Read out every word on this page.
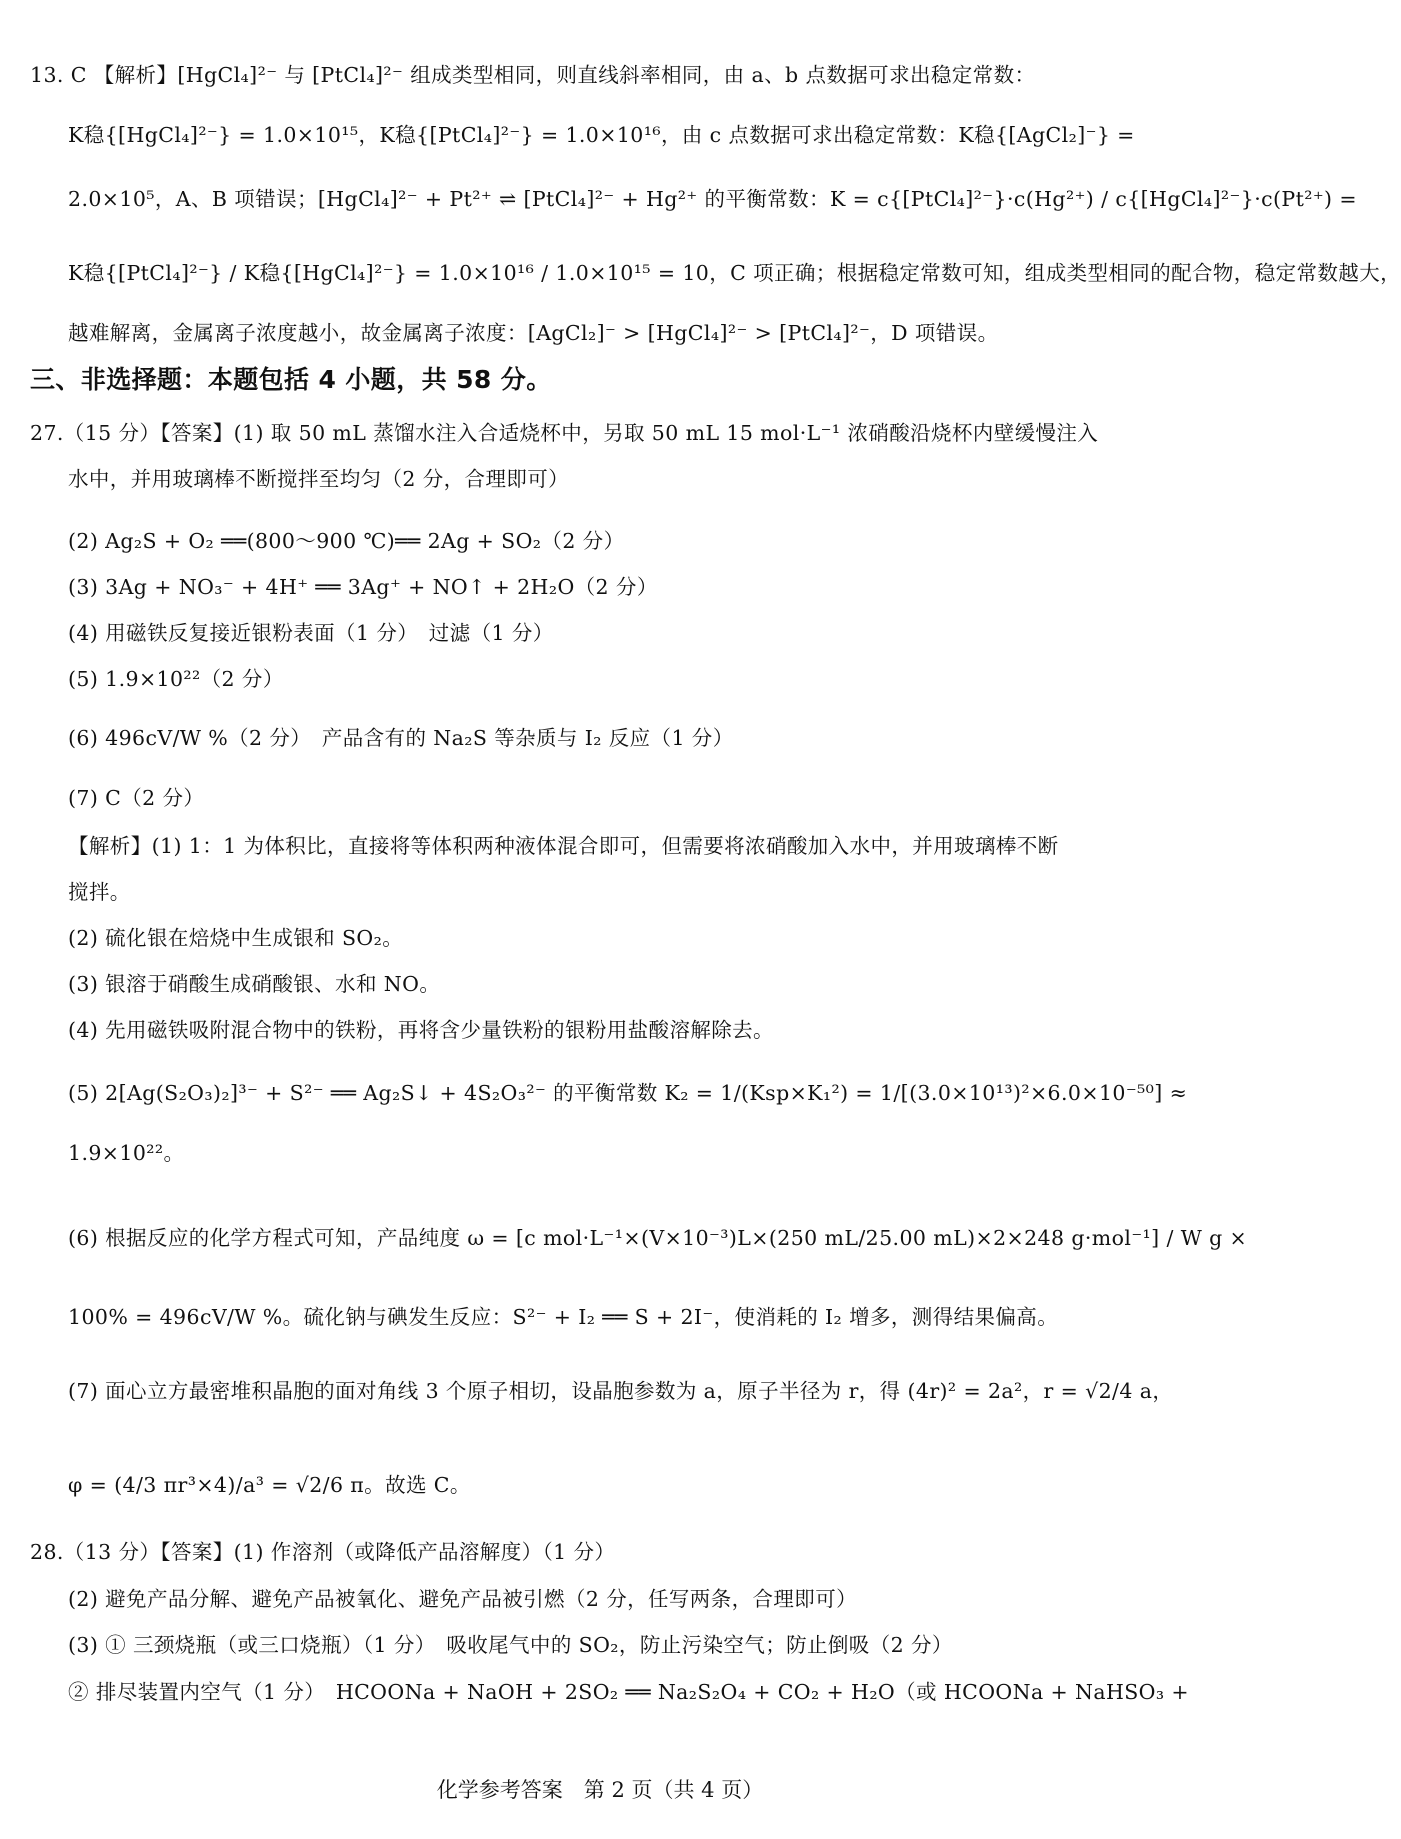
13. C 【解析】[HgCl₄]²⁻ 与 [PtCl₄]²⁻ 组成类型相同，则直线斜率相同，由 a、b 点数据可求出稳定常数：

K稳{[HgCl₄]²⁻} = 1.0×10¹⁵，K稳{[PtCl₄]²⁻} = 1.0×10¹⁶，由 c 点数据可求出稳定常数：K稳{[AgCl₂]⁻} =

2.0×10⁵，A、B 项错误；[HgCl₄]²⁻ + Pt²⁺ ⇌ [PtCl₄]²⁻ + Hg²⁺ 的平衡常数：K = c{[PtCl₄]²⁻}·c(Hg²⁺) / c{[HgCl₄]²⁻}·c(Pt²⁺) =

K稳{[PtCl₄]²⁻} / K稳{[HgCl₄]²⁻} = 1.0×10¹⁶ / 1.0×10¹⁵ = 10，C 项正确；根据稳定常数可知，组成类型相同的配合物，稳定常数越大，

越难解离，金属离子浓度越小，故金属离子浓度：[AgCl₂]⁻ > [HgCl₄]²⁻ > [PtCl₄]²⁻，D 项错误。

三、非选择题：本题包括 4 小题，共 58 分。

27.（15 分）【答案】(1) 取 50 mL 蒸馏水注入合适烧杯中，另取 50 mL 15 mol·L⁻¹ 浓硝酸沿烧杯内壁缓慢注入

水中，并用玻璃棒不断搅拌至均匀（2 分，合理即可）

(2) Ag₂S + O₂ ══(800～900 ℃)══ 2Ag + SO₂（2 分）

(3) 3Ag + NO₃⁻ + 4H⁺ ══ 3Ag⁺ + NO↑ + 2H₂O（2 分）

(4) 用磁铁反复接近银粉表面（1 分）　过滤（1 分）

(5) 1.9×10²²（2 分）

(6) 496cV/W %（2 分）　产品含有的 Na₂S 等杂质与 I₂ 反应（1 分）

(7) C（2 分）

【解析】(1) 1：1 为体积比，直接将等体积两种液体混合即可，但需要将浓硝酸加入水中，并用玻璃棒不断

搅拌。

(2) 硫化银在焙烧中生成银和 SO₂。

(3) 银溶于硝酸生成硝酸银、水和 NO。

(4) 先用磁铁吸附混合物中的铁粉，再将含少量铁粉的银粉用盐酸溶解除去。

(5) 2[Ag(S₂O₃)₂]³⁻ + S²⁻ ══ Ag₂S↓ + 4S₂O₃²⁻ 的平衡常数 K₂ = 1/(Ksp×K₁²) = 1/[(3.0×10¹³)²×6.0×10⁻⁵⁰] ≈

1.9×10²²。

(6) 根据反应的化学方程式可知，产品纯度 ω = [c mol·L⁻¹×(V×10⁻³)L×(250 mL/25.00 mL)×2×248 g·mol⁻¹] / W g ×

100% = 496cV/W %。硫化钠与碘发生反应：S²⁻ + I₂ ══ S + 2I⁻，使消耗的 I₂ 增多，测得结果偏高。

(7) 面心立方最密堆积晶胞的面对角线 3 个原子相切，设晶胞参数为 a，原子半径为 r，得 (4r)² = 2a²，r = √2/4 a，

φ = (4/3 πr³×4)/a³ = √2/6 π。故选 C。

28.（13 分）【答案】(1) 作溶剂（或降低产品溶解度）（1 分）

(2) 避免产品分解、避免产品被氧化、避免产品被引燃（2 分，任写两条，合理即可）

(3) ① 三颈烧瓶（或三口烧瓶）（1 分）　吸收尾气中的 SO₂，防止污染空气；防止倒吸（2 分）

② 排尽装置内空气（1 分）　HCOONa + NaOH + 2SO₂ ══ Na₂S₂O₄ + CO₂ + H₂O（或 HCOONa + NaHSO₃ +

化学参考答案　第 2 页（共 4 页）
